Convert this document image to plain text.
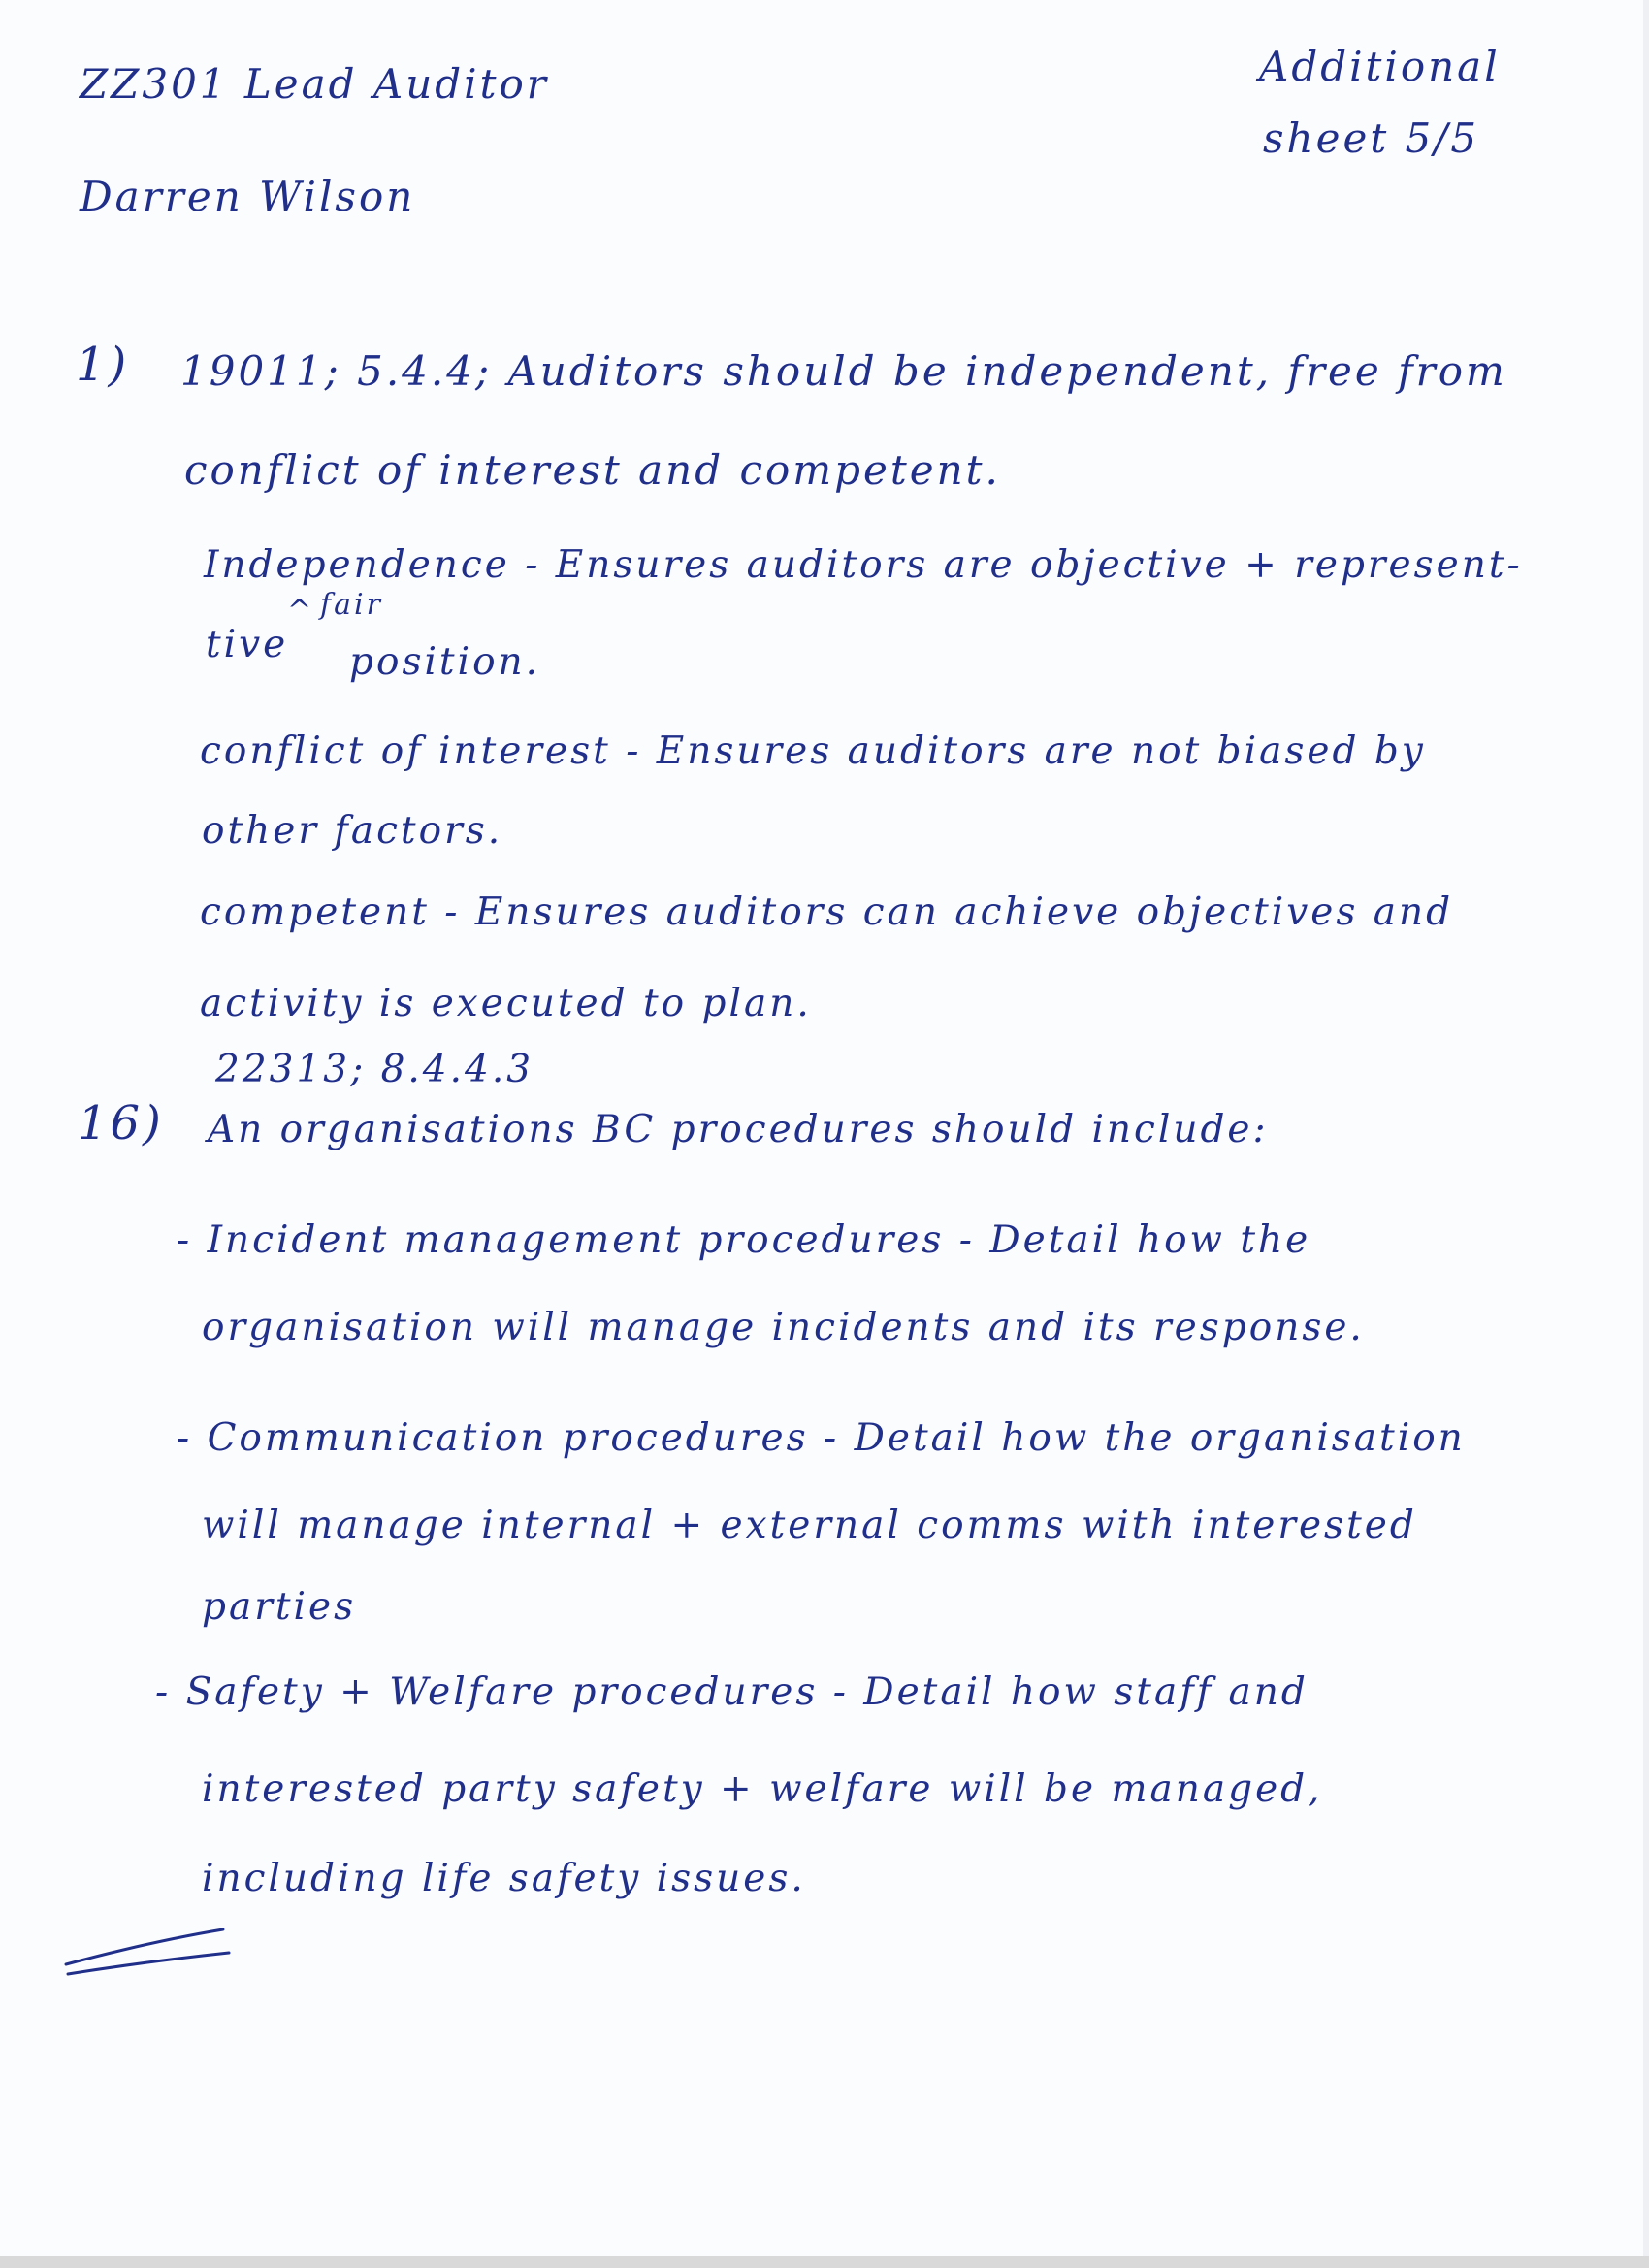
ZZ301 Lead Auditor
Darren Wilson
Additional
sheet 5/5
1) 19011; 5.4.4; Auditors should be independent, free from
conflict of interest and competent.
Independence - Ensures auditors are objective + represent-
^ fair
tive position.
conflict of interest - Ensures auditors are not biased by
other factors.
competent - Ensures auditors can achieve objectives and
activity is executed to plan.
22313; 8.4.4.3
16) An organisations BC procedures should include:
- Incident management procedures - Detail how the
organisation will manage incidents and its response.
- Communication procedures - Detail how the organisation
will manage internal + external comms with interested
parties
- Safety + Welfare procedures - Detail how staff and
interested party safety + welfare will be managed,
including life safety issues.
